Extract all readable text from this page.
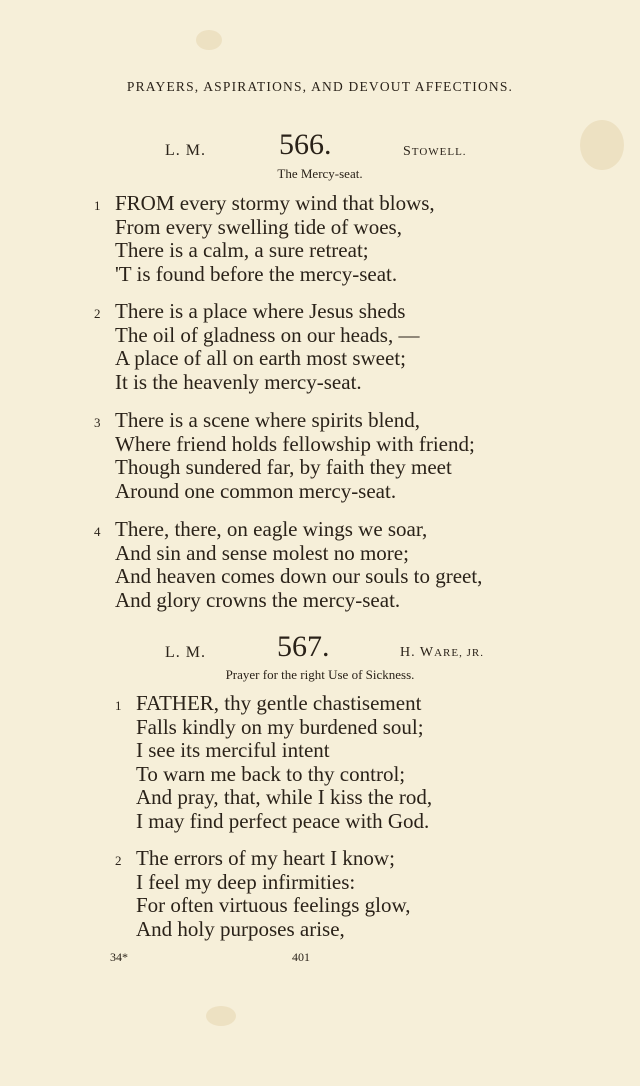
PRAYERS, ASPIRATIONS, AND DEVOUT AFFECTIONS.
L. M. 566.	STOWELL.
The Mercy-seat.
1 FROM every stormy wind that blows,
From every swelling tide of woes,
There is a calm, a sure retreat;
'T is found before the mercy-seat.
2 There is a place where Jesus sheds
The oil of gladness on our heads, —
A place of all on earth most sweet;
It is the heavenly mercy-seat.
3 There is a scene where spirits blend,
Where friend holds fellowship with friend;
Though sundered far, by faith they meet
Around one common mercy-seat.
4 There, there, on eagle wings we soar,
And sin and sense molest no more;
And heaven comes down our souls to greet,
And glory crowns the mercy-seat.
L. M. 567.	H. WARE, JR.
Prayer for the right Use of Sickness.
1 FATHER, thy gentle chastisement
Falls kindly on my burdened soul;
I see its merciful intent
To warn me back to thy control;
And pray, that, while I kiss the rod,
I may find perfect peace with God.
2 The errors of my heart I know;
I feel my deep infirmities:
For often virtuous feelings glow,
And holy purposes arise,
34*	401
